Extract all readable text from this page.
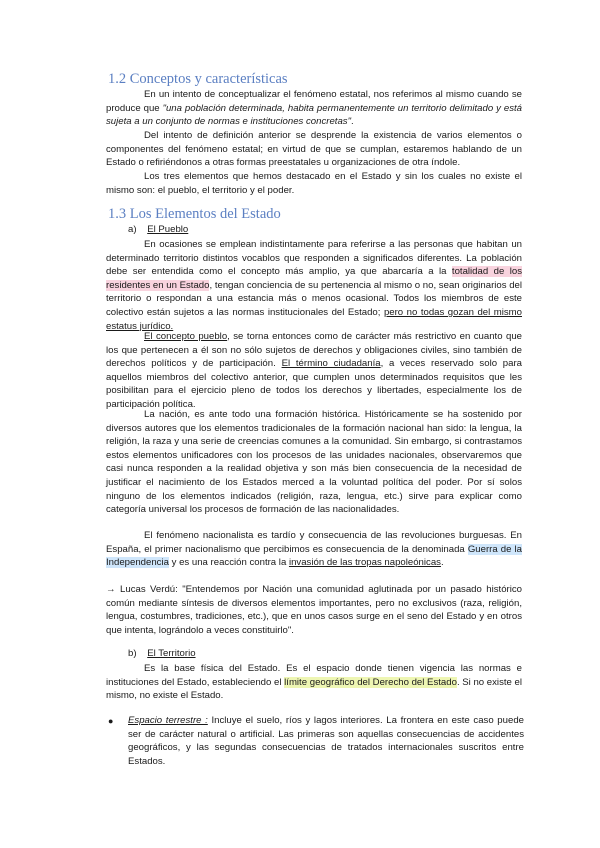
1.2 Conceptos y características
En un intento de conceptualizar el fenómeno estatal, nos referimos al mismo cuando se produce que "una población determinada, habita permanentemente un territorio delimitado y está sujeta a un conjunto de normas e instituciones concretas".
Del intento de definición anterior se desprende la existencia de varios elementos o componentes del fenómeno estatal; en virtud de que se cumplan, estaremos hablando de un Estado o refiriéndonos a otras formas preestatales u organizaciones de otra índole.
Los tres elementos que hemos destacado en el Estado y sin los cuales no existe el mismo son: el pueblo, el territorio y el poder.
1.3 Los Elementos del Estado
a) El Pueblo
En ocasiones se emplean indistintamente para referirse a las personas que habitan un determinado territorio distintos vocablos que responden a significados diferentes. La población debe ser entendida como el concepto más amplio, ya que abarcaría a la totalidad de los residentes en un Estado, tengan conciencia de su pertenencia al mismo o no, sean originarios del territorio o respondan a una estancia más o menos ocasional. Todos los miembros de este colectivo están sujetos a las normas institucionales del Estado; pero no todas gozan del mismo estatus jurídico.
El concepto pueblo, se torna entonces como de carácter más restrictivo en cuanto que los que pertenecen a él son no sólo sujetos de derechos y obligaciones civiles, sino también de derechos políticos y de participación. El término ciudadanía, a veces reservado solo para aquellos miembros del colectivo anterior, que cumplen unos determinados requisitos que les posibilitan para el ejercicio pleno de todos los derechos y libertades, especialmente los de participación política.
La nación, es ante todo una formación histórica. Históricamente se ha sostenido por diversos autores que los elementos tradicionales de la formación nacional han sido: la lengua, la religión, la raza y una serie de creencias comunes a la comunidad. Sin embargo, si contrastamos estos elementos unificadores con los procesos de las unidades nacionales, observaremos que casi nunca responden a la realidad objetiva y son más bien consecuencia de la necesidad de justificar el nacimiento de los Estados merced a la voluntad política del poder. Por sí solos ninguno de los elementos indicados (religión, raza, lengua, etc.) sirve para explicar como categoría universal los procesos de formación de las nacionalidades.
El fenómeno nacionalista es tardío y consecuencia de las revoluciones burguesas. En España, el primer nacionalismo que percibimos es consecuencia de la denominada Guerra de la Independencia y es una reacción contra la invasión de las tropas napoleónicas.
→ Lucas Verdú: "Entendemos por Nación una comunidad aglutinada por un pasado histórico común mediante síntesis de diversos elementos importantes, pero no exclusivos (raza, religión, lengua, costumbres, tradiciones, etc.), que en unos casos surge en el seno del Estado y en otros que intenta, lográndolo a veces constituirlo".
b) El Territorio
Es la base física del Estado. Es el espacio donde tienen vigencia las normas e instituciones del Estado, estableciendo el límite geográfico del Derecho del Estado. Si no existe el mismo, no existe el Estado.
● Espacio terrestre : Incluye el suelo, ríos y lagos interiores. La frontera en este caso puede ser de carácter natural o artificial. Las primeras son aquellas consecuencias de accidentes geográficos, y las segundas consecuencias de tratados internacionales suscritos entre Estados.
